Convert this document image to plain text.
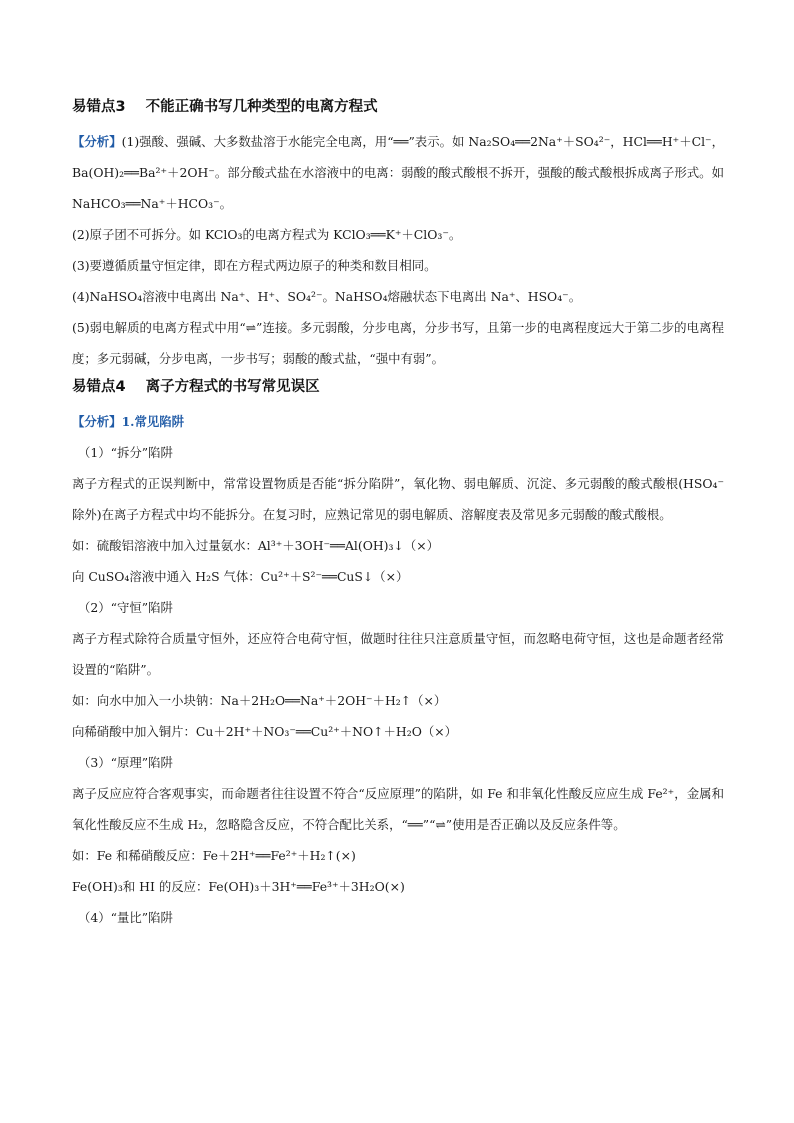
易错点3 不能正确书写几种类型的电离方程式

【分析】(1)强酸、强碱、大多数盐溶于水能完全电离，用“══”表示。如 Na₂SO₄══2Na⁺＋SO₄²⁻，HCl══H⁺＋Cl⁻，Ba(OH)₂══Ba²⁺＋2OH⁻。部分酸式盐在水溶液中的电离：弱酸的酸式酸根不拆开，强酸的酸式酸根拆成离子形式。如 NaHCO₃══Na⁺＋HCO₃⁻。

(2)原子团不可拆分。如 KClO₃的电离方程式为 KClO₃══K⁺＋ClO₃⁻。

(3)要遵循质量守恒定律，即在方程式两边原子的种类和数目相同。

(4)NaHSO₄溶液中电离出 Na⁺、H⁺、SO₄²⁻。NaHSO₄熔融状态下电离出 Na⁺、HSO₄⁻。

(5)弱电解质的电离方程式中用“⇌”连接。多元弱酸，分步电离，分步书写，且第一步的电离程度远大于第二步的电离程度；多元弱碱，分步电离，一步书写；弱酸的酸式盐，“强中有弱”。

易错点4 离子方程式的书写常见误区

【分析】1.常见陷阱

（1）“拆分”陷阱

离子方程式的正误判断中，常常设置物质是否能“拆分陷阱”，氧化物、弱电解质、沉淀、多元弱酸的酸式酸根(HSO₄⁻除外)在离子方程式中均不能拆分。在复习时，应熟记常见的弱电解质、溶解度表及常见多元弱酸的酸式酸根。

如：硫酸铝溶液中加入过量氨水：Al³⁺＋3OH⁻══Al(OH)₃↓（×）

向 CuSO₄溶液中通入 H₂S 气体：Cu²⁺＋S²⁻══CuS↓（×）

（2）“守恒”陷阱

离子方程式除符合质量守恒外，还应符合电荷守恒，做题时往往只注意质量守恒，而忽略电荷守恒，这也是命题者经常设置的“陷阱”。

如：向水中加入一小块钠：Na＋2H₂O══Na⁺＋2OH⁻＋H₂↑（×）

向稀硝酸中加入铜片：Cu＋2H⁺＋NO₃⁻══Cu²⁺＋NO↑＋H₂O（×）

（3）“原理”陷阱

离子反应应符合客观事实，而命题者往往设置不符合“反应原理”的陷阱，如 Fe 和非氧化性酸反应应生成 Fe²⁺，金属和氧化性酸反应不生成 H₂，忽略隐含反应，不符合配比关系，“══”“⇌”使用是否正确以及反应条件等。

如：Fe 和稀硝酸反应：Fe＋2H⁺══Fe²⁺＋H₂↑(×)

Fe(OH)₃和 HI 的反应：Fe(OH)₃＋3H⁺══Fe³⁺＋3H₂O(×)

（4）“量比”陷阱
